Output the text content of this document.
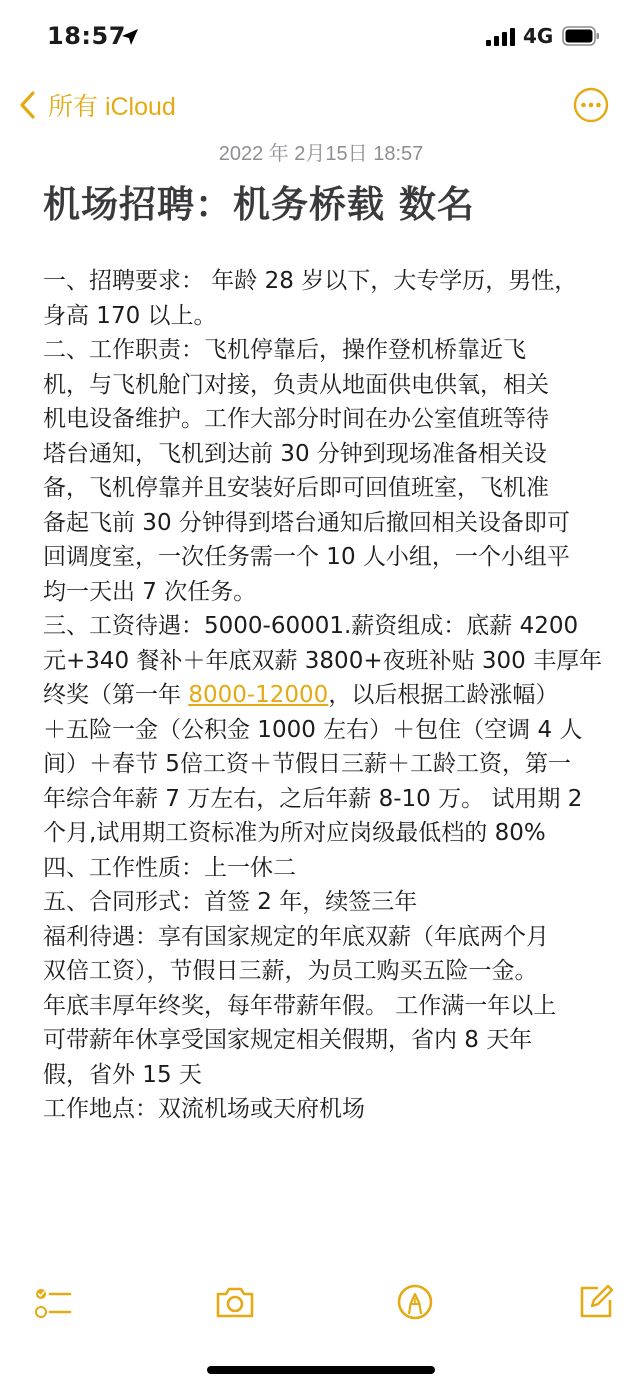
18:57	4G
所有 iCloud
2022 年 2月15日 18:57
机场招聘：机务桥载 数名
一、招聘要求： 年龄 28 岁以下，大专学历，男性，
身高 170 以上。
二、工作职责：飞机停靠后，操作登机桥靠近飞
机，与飞机舱门对接，负责从地面供电供氧，相关
机电设备维护。工作大部分时间在办公室值班等待
塔台通知，飞机到达前 30 分钟到现场准备相关设
备，飞机停靠并且安装好后即可回值班室，飞机准
备起飞前 30 分钟得到塔台通知后撤回相关设备即可
回调度室，一次任务需一个 10 人小组，一个小组平
均一天出 7 次任务。
三、工资待遇：5000-60001.薪资组成：底薪 4200
元+340 餐补＋年底双薪 3800+夜班补贴 300 丰厚年
终奖（第一年 8000-12000，以后根据工龄涨幅）
＋五险一金（公积金 1000 左右）＋包住（空调 4 人
间）＋春节 5倍工资＋节假日三薪＋工龄工资，第一
年综合年薪 7 万左右，之后年薪 8-10 万。 试用期 2
个月,试用期工资标准为所对应岗级最低档的 80%
四、工作性质：上一休二
五、合同形式：首签 2 年，续签三年
福利待遇：享有国家规定的年底双薪（年底两个月
双倍工资），节假日三薪，为员工购买五险一金。
年底丰厚年终奖，每年带薪年假。 工作满一年以上
可带薪年休享受国家规定相关假期，省内 8 天年
假，省外 15 天
工作地点：双流机场或天府机场
